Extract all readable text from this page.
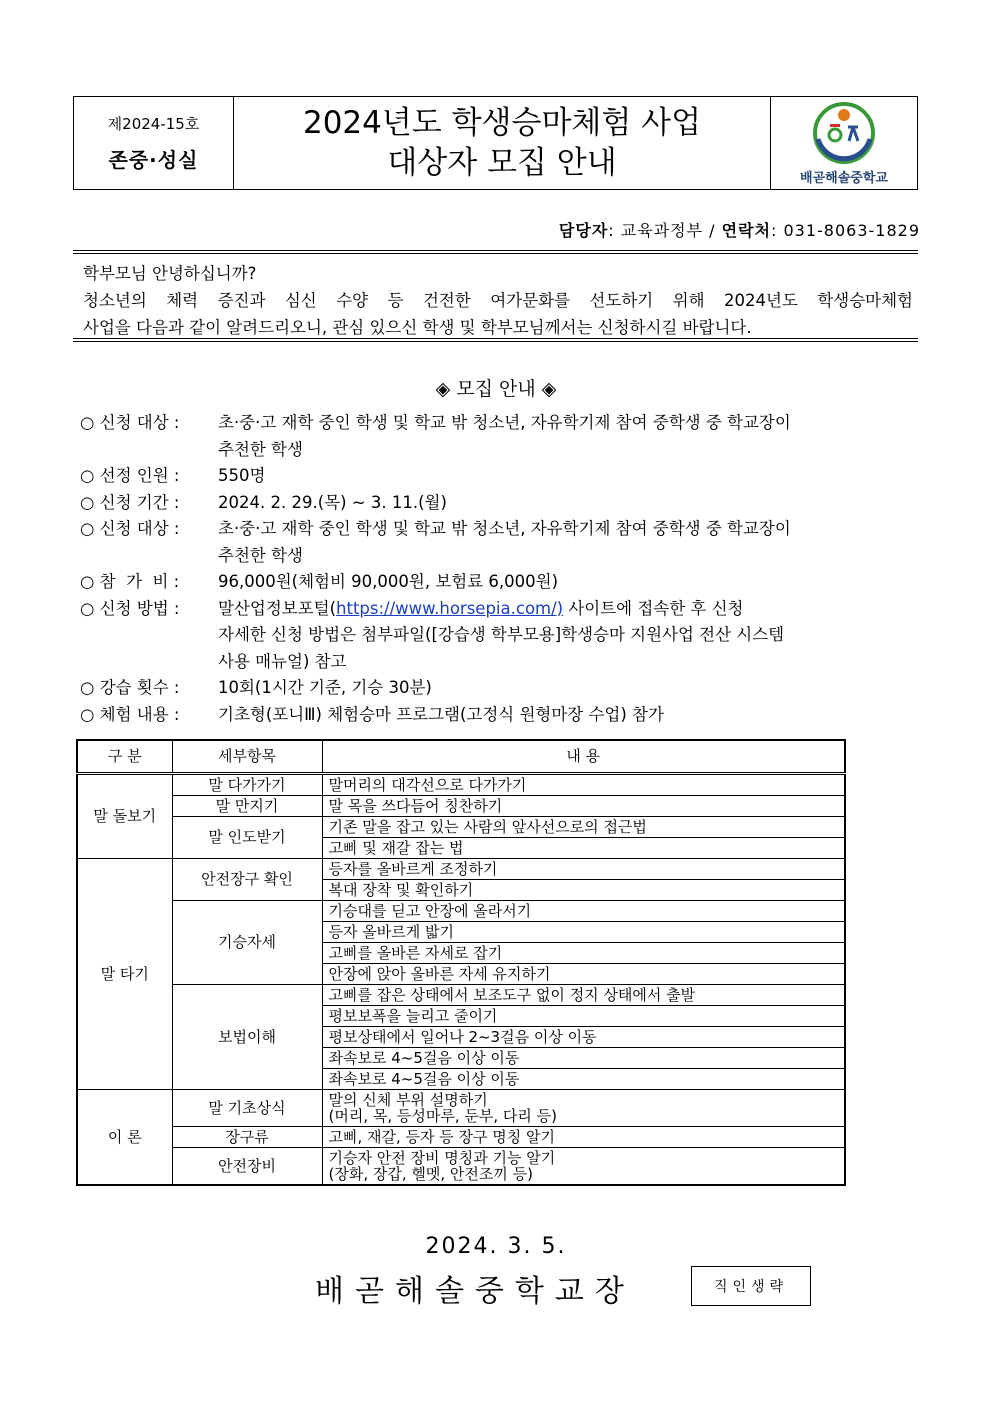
제2024-15호
존중·성실
2024년도 학생승마체험 사업
대상자 모집 안내	배곧해솔중학교
담당자: 교육과정부 / 연락처: 031-8063-1829

학부모님 안녕하십니까?

청소년의 체력 증진과 심신 수양 등 건전한 여가문화를 선도하기 위해 2024년도 학생승마체험

사업을 다음과 같이 알려드리오니, 관심 있으신 학생 및 학부모님께서는 신청하시길 바랍니다.

◈ 모집 안내 ◈
○ 신청 대상 :	초·중·고 재학 중인 학생 및 학교 밖 청소년, 자유학기제 참여 중학생 중 학교장이
추천한 학생
○ 선정 인원 :	550명
○ 신청 기간 :	2024. 2. 29.(목) ~ 3. 11.(월)
○ 신청 대상 :	초·중·고 재학 중인 학생 및 학교 밖 청소년, 자유학기제 참여 중학생 중 학교장이
추천한 학생
○ 참  가  비 :	96,000원(체험비 90,000원, 보험료 6,000원)
○ 신청 방법 :	말산업정보포털(https://www.horsepia.com/) 사이트에 접속한 후 신청
자세한 신청 방법은 첨부파일([강습생 학부모용]학생승마 지원사업 전산 시스템
사용 매뉴얼) 참고
○ 강습 횟수 :	10회(1시간 기준, 기승 30분)
○ 체험 내용 :	기초형(포니Ⅲ) 체험승마 프로그램(고정식 원형마장 수업) 참가
구 분	세부항목	내 용
말 돌보기	말 다가가기	말머리의 대각선으로 다가가기
	말 만지기	말 목을 쓰다듬어 칭찬하기
	말 인도받기	기존 말을 잡고 있는 사람의 앞사선으로의 접근법
		고삐 및 재갈 잡는 법
말 타기	안전장구 확인	등자를 올바르게 조정하기
		복대 장착 및 확인하기
	기승자세	기승대를 딛고 안장에 올라서기
		등자 올바르게 밟기
		고삐를 올바른 자세로 잡기
		안장에 앉아 올바른 자세 유지하기
	보법이해	고삐를 잡은 상태에서 보조도구 없이 정지 상태에서 출발
		평보보폭을 늘리고 줄이기
		평보상태에서 일어나 2~3걸음 이상 이동
		좌속보로 4~5걸음 이상 이동
		좌속보로 4~5걸음 이상 이동
이 론	말 기초상식	말의 신체 부위 설명하기
(머리, 목, 등성마루, 둔부, 다리 등)
	장구류	고삐, 재갈, 등자 등 장구 명칭 알기
	안전장비	기승자 안전 장비 명칭과 기능 알기
(장화, 장갑, 헬멧, 안전조끼 등)
2024. 3. 5.
배곧해솔중학교장	직인생략
